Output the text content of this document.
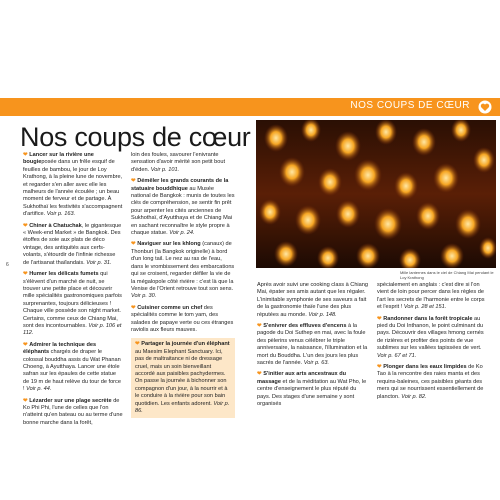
NOS COUPS DE CŒUR
Nos coups de cœur
6

❤ Lancer sur la rivière une bougieposée dans un frêle esquif de feuilles de bambou, le jour de Loy Krathong, à la pleine lune de novembre, et regarder s'en aller avec elle les malheurs de l'année écoulée ; un beau moment de ferveur et de partage. À Sukhothaï les festivités s'accompagnent d'artifice. Voir p. 163.

❤ Chiner à Chatuchak, le gigantesque « Week-end Market » de Bangkok. Des étoffes de soie aux plats de déco vintage, des antiquités aux cerfs-volants, s'étourdir de l'infinie richesse de l'artisanat thaïlandais. Voir p. 31.

❤ Humer les délicats fumets qui s'élèvent d'un marché de nuit, se trouver une petite place et découvrir mille spécialités gastronomiques parfois surprenantes, toujours délicieuses ! Chaque ville possède son night market. Certains, comme ceux de Chiang Mai, sont des incontournables. Voir p. 106 et 112.

❤ Admirer la technique des éléphants chargés de draper le colossal bouddha assis du Wat Phanan Choeng, à Ayutthaya. Lancer une étole safran sur les épaules de cette statue de 19 m de haut relève du tour de force ! Voir p. 44.

❤ Lézarder sur une plage secrète de Ko Phi Phi, l'une de celles que l'on n'atteint qu'en bateau ou au terme d'une bonne marche dans la forêt,

loin des foules, savourer l'enivrante sensation d'avoir mérité son petit bout d'éden. Voir p. 101.

❤ Démêler les grands courants de la statuaire bouddhique au Musée national de Bangkok : munis de toutes les clés de compréhension, se sentir fin prêt pour arpenter les cités anciennes de Sukhothaï, d'Ayutthaya et de Chiang Mai en sachant reconnaître le style propre à chaque statue. Voir p. 24.

❤ Naviguer sur les khlong (canaux) de Thonburi (la Bangkok originelle) à bord d'un long tail. Le nez au ras de l'eau, dans le vrombissement des embarcations qui se croisent, regarder défiler la vie de la mégalopole côté rivière : c'est là que la Venise de l'Orient retrouve tout son sens. Voir p. 30.

❤ Cuisiner comme un chef des spécialités comme le tom yam, des salades de papaye verte ou ces étranges raviolis aux fleurs mauves.

❤ Partager la journée d'un éléphant au Maesim Elephant Sanctuary. Ici, pas de maltraitance ni de dressage cruel, mais un soin bienveillant accordé aux paisibles pachydermes. On passe la journée à bichonner son compagnon d'un jour, à la nourrir et à le conduire à la rivière pour son bain quotidien. Les enfants adorent. Voir p. 86.
Mille lanternes dans le ciel de Chiang Mai pendant le Loy Krathong

Après avoir suivi une cooking class à Chiang Mai, épater ses amis autant que les régaler. L'inimitable symphonie de ses saveurs a fait de la gastronomie thaïe l'une des plus réputées au monde. Voir p. 148.

❤ S'enivrer des effluves d'encens à la pagode du Doi Suthep en mai, avec la foule des pèlerins venus célébrer le triple anniversaire, la naissance, l'illumination et la mort du Bouddha. L'un des jours les plus sacrés de l'année. Voir p. 63.

❤ S'initier aux arts ancestraux du massage et de la méditation au Wat Pho, le centre d'enseignement le plus réputé du pays. Des stages d'une semaine y sont organisés

spécialement en anglais : c'est dire si l'on vient de loin pour percer dans les règles de l'art les secrets de l'harmonie entre le corps et l'esprit ! Voir p. 28 et 151.

❤ Randonner dans la forêt tropicale au pied du Doi Inthanon, le point culminant du pays. Découvrir des villages hmong cernés de rizières et profiter des points de vue sublimes sur les vallées tapissées de vert. Voir p. 67 et 71.

❤ Plonger dans les eaux limpides de Ko Tao à la rencontre des raies manta et des requins-baleines, ces paisibles géants des mers qui se nourrissent essentiellement de plancton. Voir p. 82.
